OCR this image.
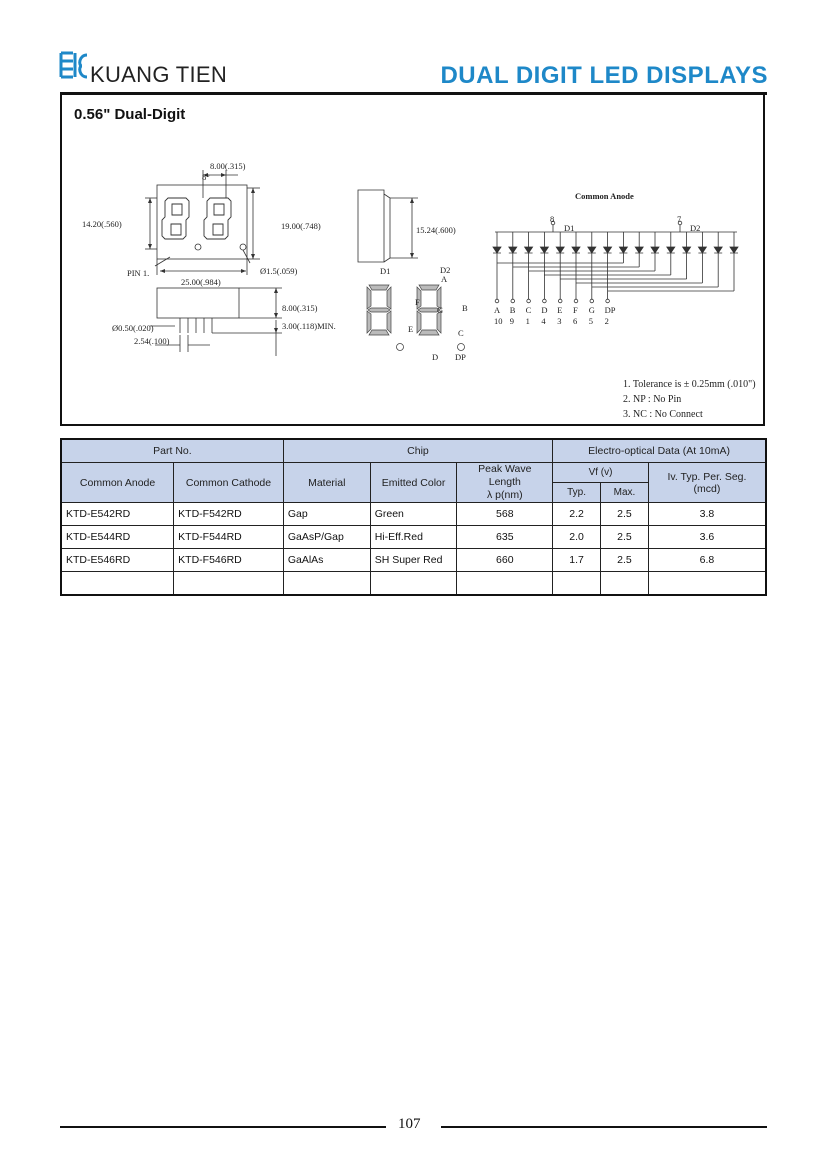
KUANG TIEN	DUAL DIGIT LED DISPLAYS
0.56" Dual-Digit
8.00(.315)
8°
14.20(.560)	19.00(.748)
PIN 1.	Ø1.5(.059)
25.00(.984)
8.00(.315)
Ø0.50(.020)	3.00(.118)MIN.
2.54(.100)
15.24(.600)
D1	D2
A
B
C
D
E
F
G
DP
Common Anode
8
D1
7
D2
A
10
B
9
C
1
D
4
E
3
F
6
G
5
DP
2
1. Tolerance is ± 0.25mm (.010")
2. NP : No Pin
3. NC : No Connect
Part No.		Chip			Electro-optical Data (At 10mA)		
Common Anode	Common Cathode	Material	Emitted Color	Peak Wave Length
λ p(nm)	Vf (v)		Iv. Typ. Per. Seg. (mcd)
					Typ.	Max.	
KTD-E542RD	KTD-F542RD	Gap	Green	568	2.2	2.5	3.8
KTD-E544RD	KTD-F544RD	GaAsP/Gap	Hi-Eff.Red	635	2.0	2.5	3.6
KTD-E546RD	KTD-F546RD	GaAlAs	SH Super Red	660	1.7	2.5	6.8

107
